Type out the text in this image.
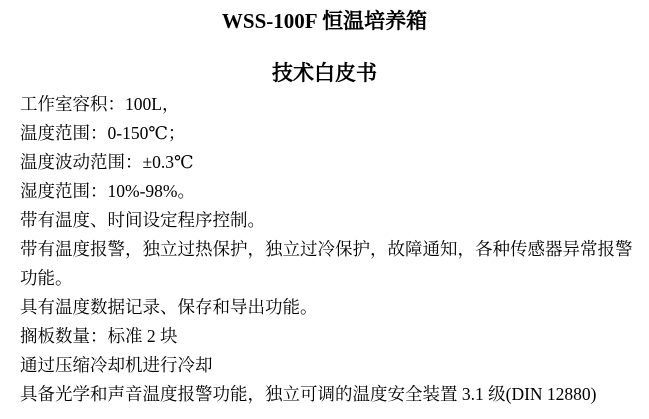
WSS-100F 恒温培养箱
技术白皮书

工作室容积：100L，

温度范围：0-150℃；

温度波动范围：±0.3℃

湿度范围：10%-98%。

带有温度、时间设定程序控制。

带有温度报警，独立过热保护，独立过冷保护，故障通知，各种传感器异常报警功能。

具有温度数据记录、保存和导出功能。

搁板数量：标准 2 块

通过压缩冷却机进行冷却

具备光学和声音温度报警功能，独立可调的温度安全装置 3.1 级(DIN 12880)
